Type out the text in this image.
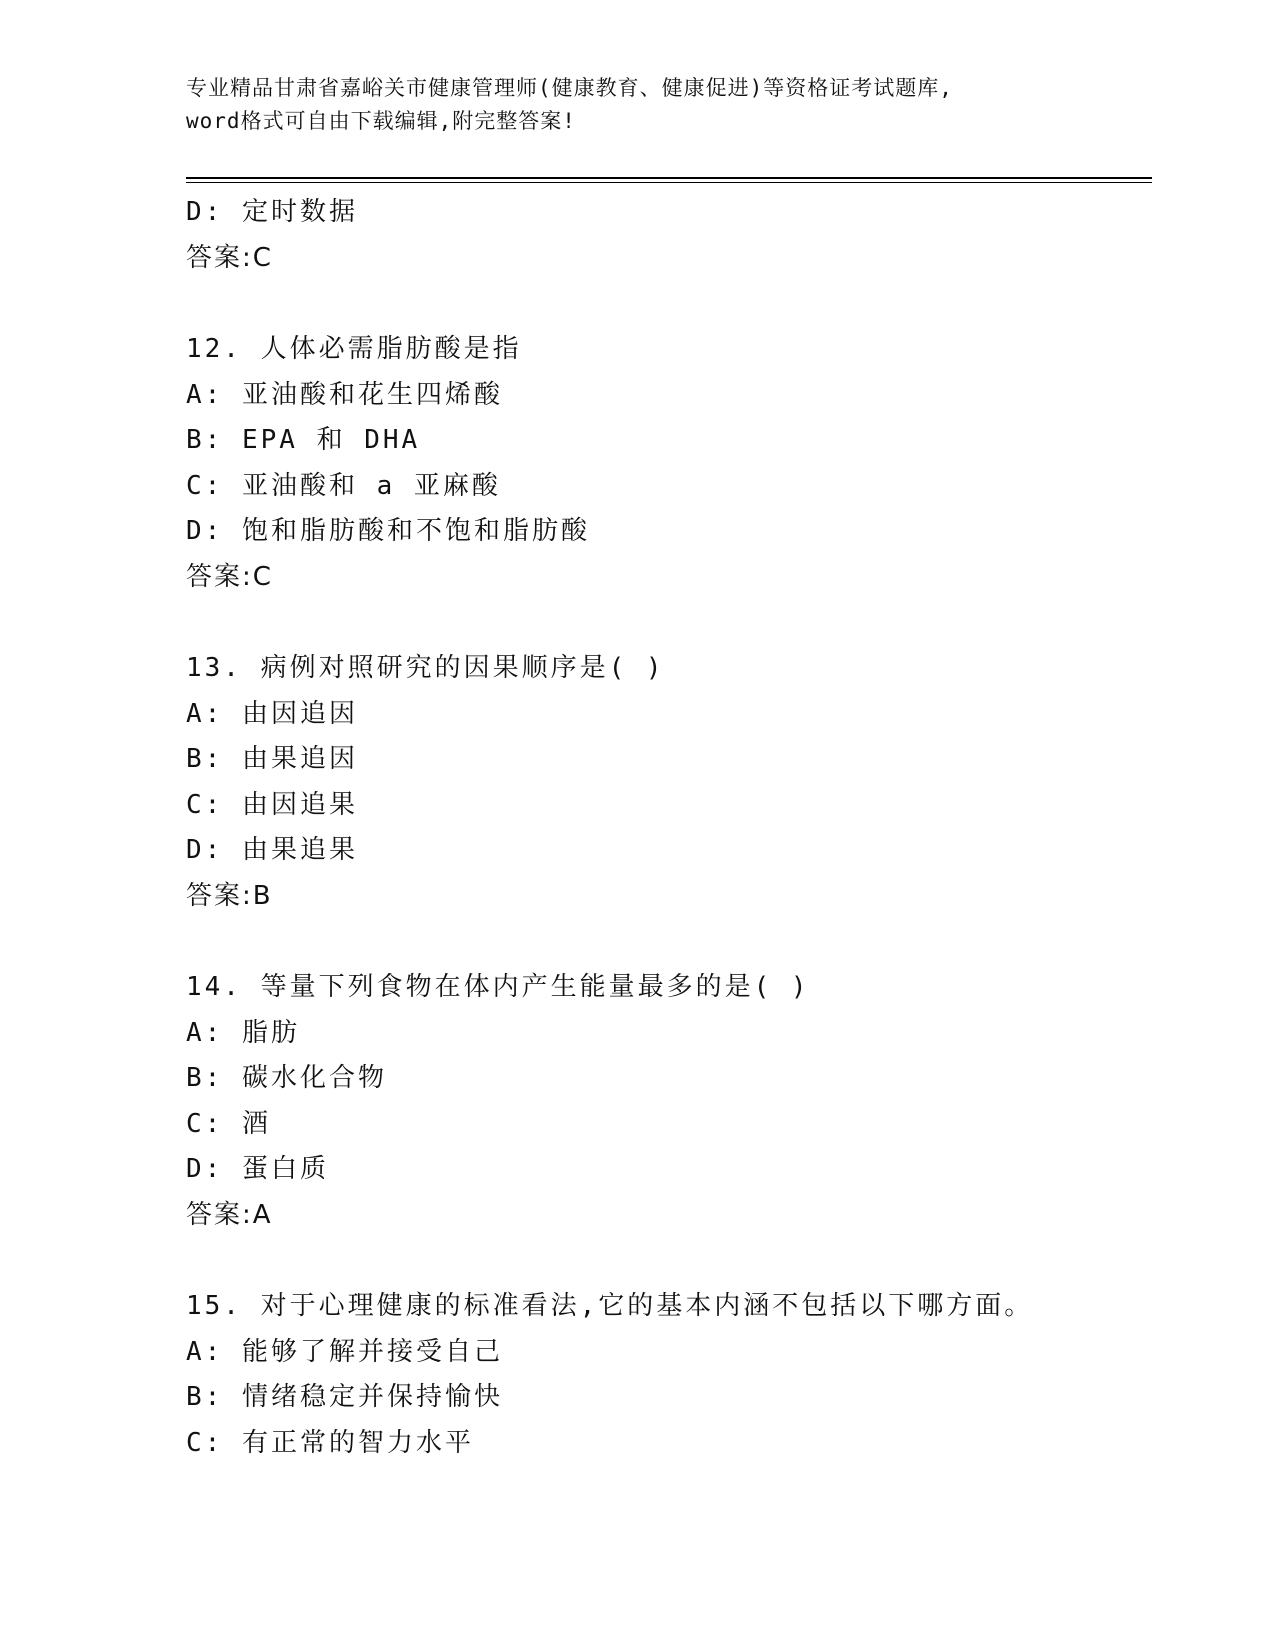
专业精品甘肃省嘉峪关市健康管理师(健康教育、健康促进)等资格证考试题库,
word格式可自由下载编辑,附完整答案!
D: 定时数据
答案:C
12. 人体必需脂肪酸是指
A: 亚油酸和花生四烯酸
B: EPA 和 DHA
C: 亚油酸和 a 亚麻酸
D: 饱和脂肪酸和不饱和脂肪酸
答案:C
13. 病例对照研究的因果顺序是( )
A: 由因追因
B: 由果追因
C: 由因追果
D: 由果追果
答案:B
14. 等量下列食物在体内产生能量最多的是( )
A: 脂肪
B: 碳水化合物
C: 酒
D: 蛋白质
答案:A
15. 对于心理健康的标准看法,它的基本内涵不包括以下哪方面。
A: 能够了解并接受自己
B: 情绪稳定并保持愉快
C: 有正常的智力水平
